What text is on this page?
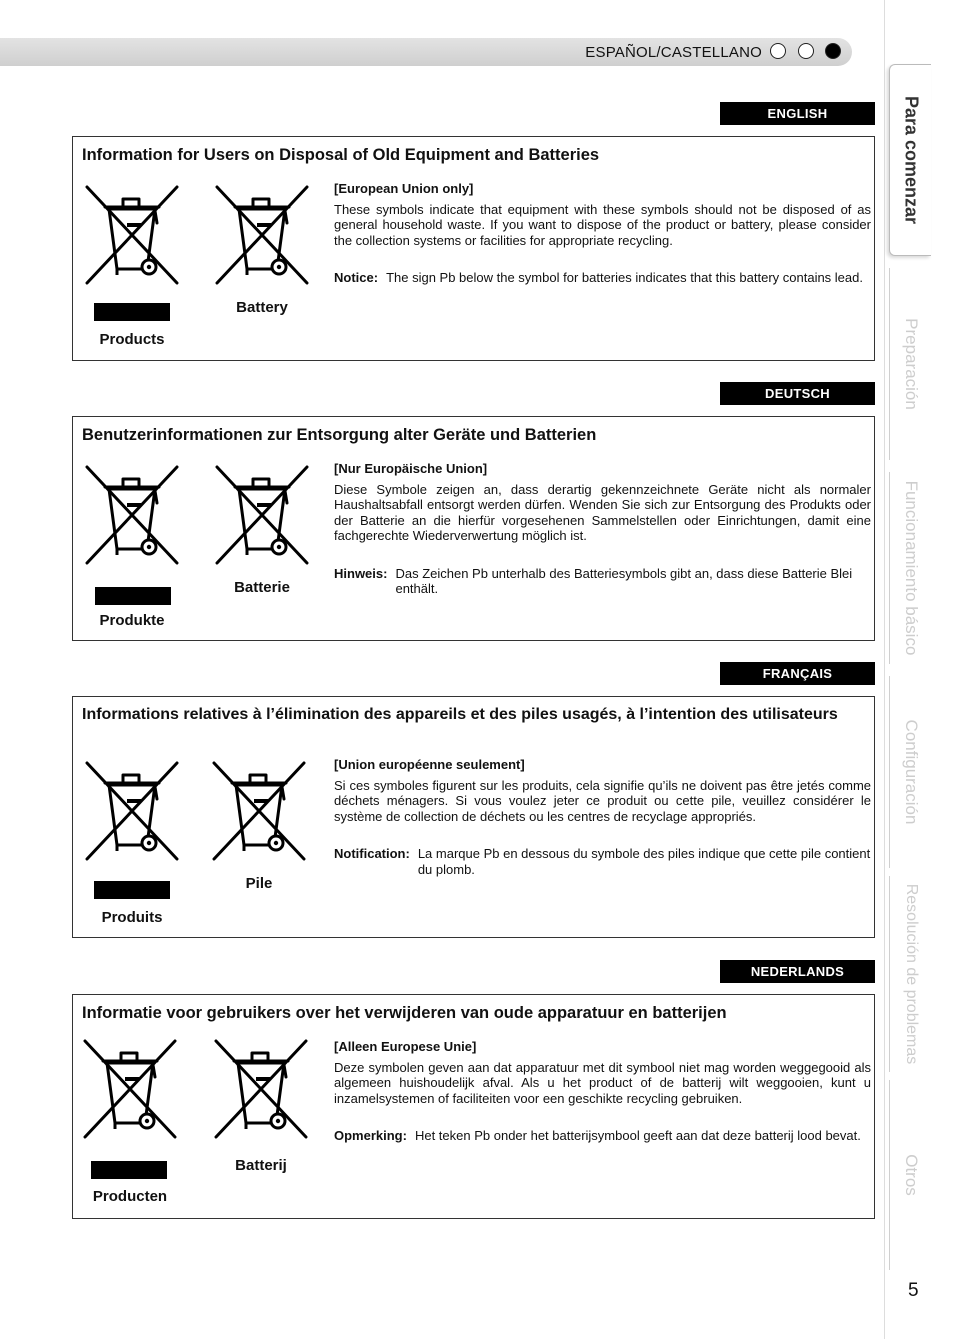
ESPAÑOL/CASTELLANO
Para comenzar
Preparación
Funcionamiento básico
Configuración
Resolución de problemas
Otros
5
ENGLISH
Information for Users on Disposal of Old Equipment and Batteries
Products
Battery
[European Union only]
These symbols indicate that equipment with these symbols should not be disposed of as general household waste. If you want to dispose of the product or battery, please consider the collection systems or facilities for appropriate recycling.
Notice: The sign Pb below the symbol for batteries indicates that this battery contains lead.
DEUTSCH
Benutzerinformationen zur Entsorgung alter Geräte und Batterien
Produkte
Batterie
[Nur Europäische Union]
Diese Symbole zeigen an, dass derartig gekennzeichnete Geräte nicht als normaler Haushaltsabfall entsorgt werden dürfen. Wenden Sie sich zur Entsorgung des Produkts oder der Batterie an die hierfür vorgesehenen Sammelstellen oder Einrichtungen, damit eine fachgerechte Wiederverwertung möglich ist.
Hinweis: Das Zeichen Pb unterhalb des Batteriesymbols gibt an, dass diese Batterie Blei enthält.
FRANÇAIS
Informations relatives à l’élimination des appareils et des piles usagés, à l’intention des utilisateurs
Produits
Pile
[Union européenne seulement]
Si ces symboles figurent sur les produits, cela signifie qu’ils ne doivent pas être jetés comme déchets ménagers. Si vous voulez jeter ce produit ou cette pile, veuillez considérer le système de collection de déchets ou les centres de recyclage appropriés.
Notification: La marque Pb en dessous du symbole des piles indique que cette pile contient du plomb.
NEDERLANDS
Informatie voor gebruikers over het verwijderen van oude apparatuur en batterijen
Producten
Batterij
[Alleen Europese Unie]
Deze symbolen geven aan dat apparatuur met dit symbool niet mag worden weggegooid als algemeen huishoudelijk afval. Als u het product of de batterij wilt weggooien, kunt u inzamelsystemen of faciliteiten voor een geschikte recycling gebruiken.
Opmerking: Het teken Pb onder het batterijsymbool geeft aan dat deze batterij lood bevat.
